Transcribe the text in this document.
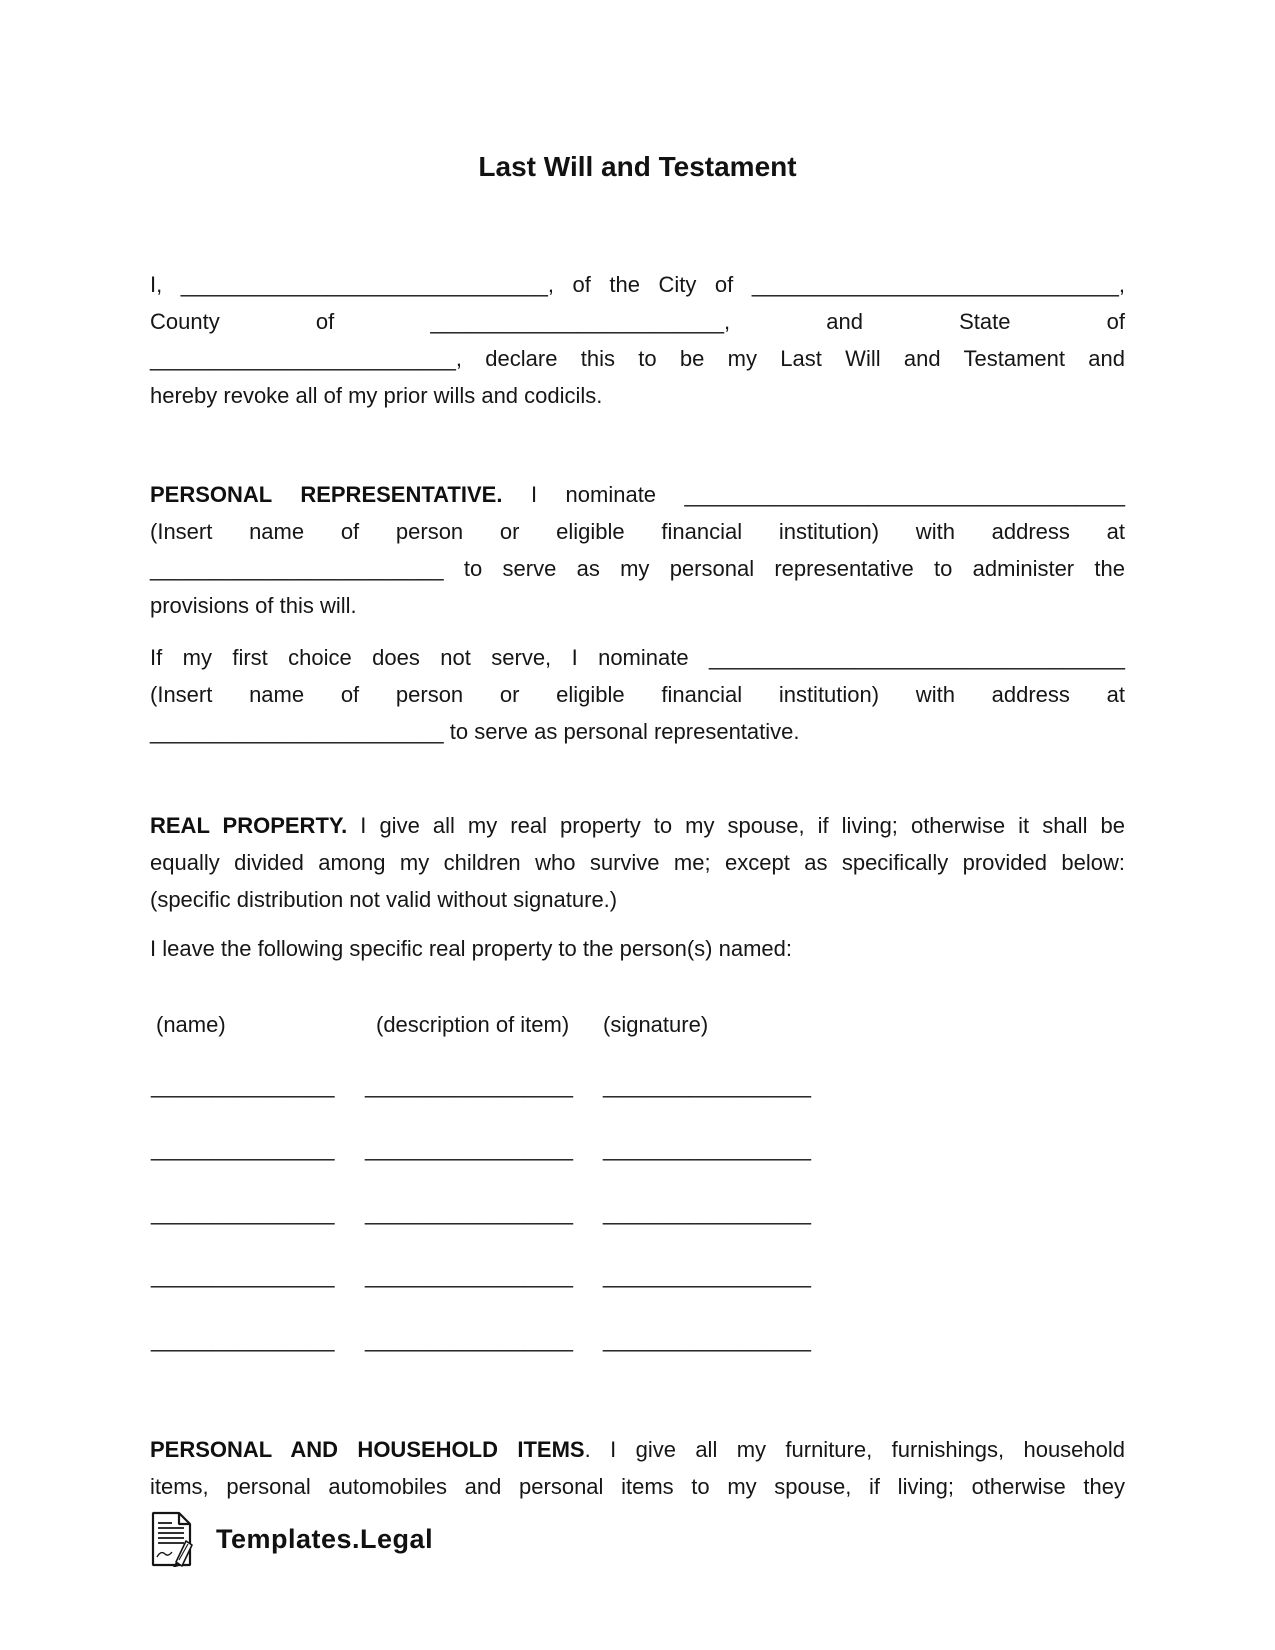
Last Will and Testament
I, ______________________________, of the City of ______________________________,
County of ________________________, and State of
_________________________, declare this to be my Last Will and Testament and
hereby revoke all of my prior wills and codicils.
PERSONAL REPRESENTATIVE. I nominate ____________________________________
(Insert name of person or eligible financial institution) with address at
________________________ to serve as my personal representative to administer the
provisions of this will.
If my first choice does not serve, I nominate __________________________________
(Insert name of person or eligible financial institution) with address at
________________________ to serve as personal representative.
REAL PROPERTY. I give all my real property to my spouse, if living; otherwise it shall be
equally divided among my children who survive me; except as specifically provided below:
(specific distribution not valid without signature.)
I leave the following specific real property to the person(s) named:
(name)	(description of item) (signature)
_______________ _________________ _________________
_______________ _________________ _________________
_______________ _________________ _________________
_______________ _________________ _________________
_______________ _________________ _________________
PERSONAL AND HOUSEHOLD ITEMS. I give all my furniture, furnishings, household
items, personal automobiles and personal items to my spouse, if living; otherwise they
Templates.Legal
